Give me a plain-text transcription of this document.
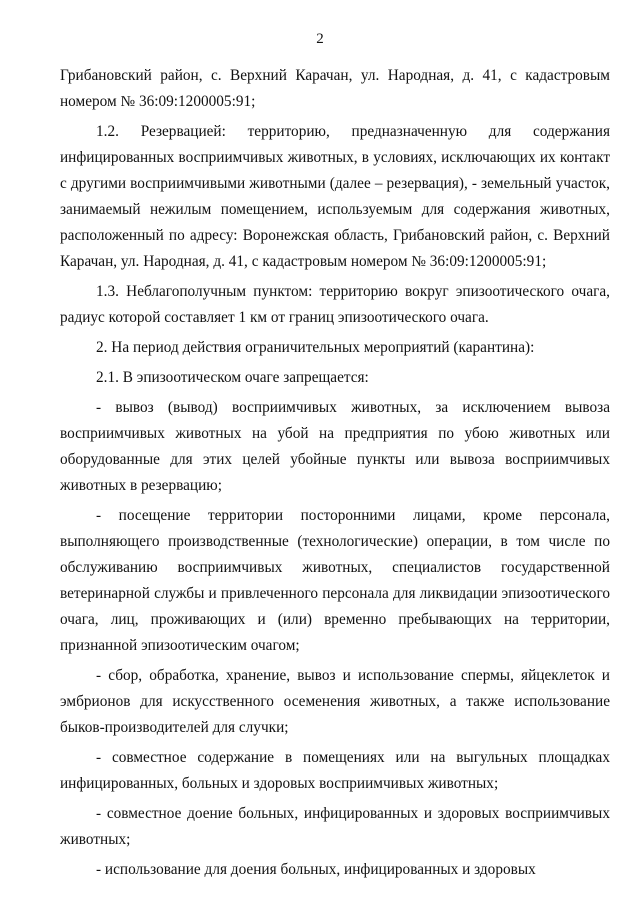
2

Грибановский район, с. Верхний Карачан, ул. Народная, д. 41, с кадастровым номером № 36:09:1200005:91;

1.2. Резервацией: территорию, предназначенную для содержания инфицированных восприимчивых животных, в условиях, исключающих их контакт с другими восприимчивыми животными (далее – резервация), - земельный участок, занимаемый нежилым помещением, используемым для содержания животных, расположенный по адресу: Воронежская область, Грибановский район, с. Верхний Карачан, ул. Народная, д. 41, с кадастровым номером № 36:09:1200005:91;

1.3. Неблагополучным пунктом: территорию вокруг эпизоотического очага, радиус которой составляет 1 км от границ эпизоотического очага.

2. На период действия ограничительных мероприятий (карантина):

2.1. В эпизоотическом очаге запрещается:

- вывоз (вывод) восприимчивых животных, за исключением вывоза восприимчивых животных на убой на предприятия по убою животных или оборудованные для этих целей убойные пункты или вывоза восприимчивых животных в резервацию;

- посещение территории посторонними лицами, кроме персонала, выполняющего производственные (технологические) операции, в том числе по обслуживанию восприимчивых животных, специалистов государственной ветеринарной службы и привлеченного персонала для ликвидации эпизоотического очага, лиц, проживающих и (или) временно пребывающих на территории, признанной эпизоотическим очагом;

- сбор, обработка, хранение, вывоз и использование спермы, яйцеклеток и эмбрионов для искусственного осеменения животных, а также использование быков-производителей для случки;

- совместное содержание в помещениях или на выгульных площадках инфицированных, больных и здоровых восприимчивых животных;

- совместное доение больных, инфицированных и здоровых восприимчивых животных;

- использование для доения больных, инфицированных и здоровых
